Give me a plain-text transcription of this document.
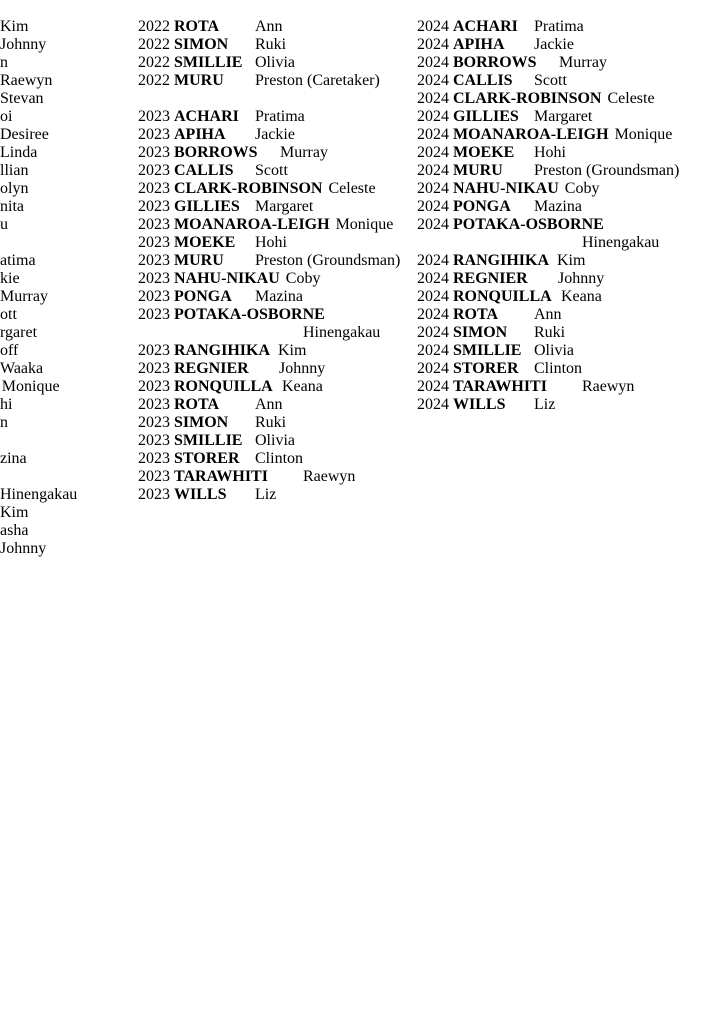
Kim
Johnny
n
Raewyn
Stevan
oi
Desiree
Linda
llian
olyn
nita
u
atima
kie
Murray
ott
rgaret
off
Waaka
Monique
hi
n
zina
Hinengakau
Kim
asha
Johnny
2022 ROTA Ann
2022 SIMON Ruki
2022 SMILLIE Olivia
2022 MURU Preston (Caretaker)
2023 ACHARI Pratima
2023 APIHA Jackie
2023 BORROWS Murray
2023 CALLIS Scott
2023 CLARK-ROBINSON Celeste
2023 GILLIES Margaret
2023 MOANAROA-LEIGH Monique
2023 MOEKE Hohi
2023 MURU Preston (Groundsman)
2023 NAHU-NIKAU Coby
2023 PONGA Mazina
2023 POTAKA-OSBORNE
Hinengakau
2023 RANGIHIKA Kim
2023 REGNIER Johnny
2023 RONQUILLA Keana
2023 ROTA Ann
2023 SIMON Ruki
2023 SMILLIE Olivia
2023 STORER Clinton
2023 TARAWHITI Raewyn
2023 WILLS Liz
2024 ACHARI Pratima
2024 APIHA Jackie
2024 BORROWS Murray
2024 CALLIS Scott
2024 CLARK-ROBINSON Celeste
2024 GILLIES Margaret
2024 MOANAROA-LEIGH Monique
2024 MOEKE Hohi
2024 MURU Preston (Groundsman)
2024 NAHU-NIKAU Coby
2024 PONGA Mazina
2024 POTAKA-OSBORNE
Hinengakau
2024 RANGIHIKA Kim
2024 REGNIER Johnny
2024 RONQUILLA Keana
2024 ROTA Ann
2024 SIMON Ruki
2024 SMILLIE Olivia
2024 STORER Clinton
2024 TARAWHITI Raewyn
2024 WILLS Liz
